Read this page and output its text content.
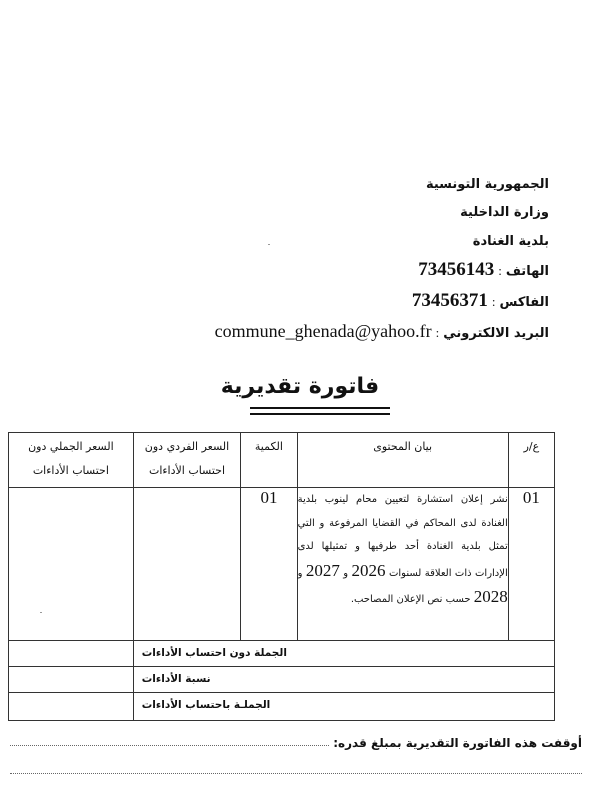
الجمهورية التونسية
وزارة الداخلية
بلدية الغنادة
الهاتف:73456143
الفاكس:73456371
البريد الالكتروني:commune_ghenada@yahoo.fr
فاتورة تقديرية
ع/ر	بيان المحتوى	الكمية	السعر الفردي دون احتساب الأداءات	السعر الجملي دون احتساب الأداءات
01	نشر إعلان استشارة لتعيين محام لينوب بلدية الغنادة لدى المحاكم في القضايا المرفوعة و التي تمثل بلدية الغنادة أحد طرفيها و تمثيلها لدى الإدارات ذات العلاقة لسنوات 2026 و 2027 و 2028 حسب نص الإعلان المصاحب.	01		
الجملة دون احتساب الأداءات				
نسبة الأداءات				
الجملـة باحتساب الأداءات				
أوقفت هذه الفاتورة التقديرية بمبلغ قدره:
